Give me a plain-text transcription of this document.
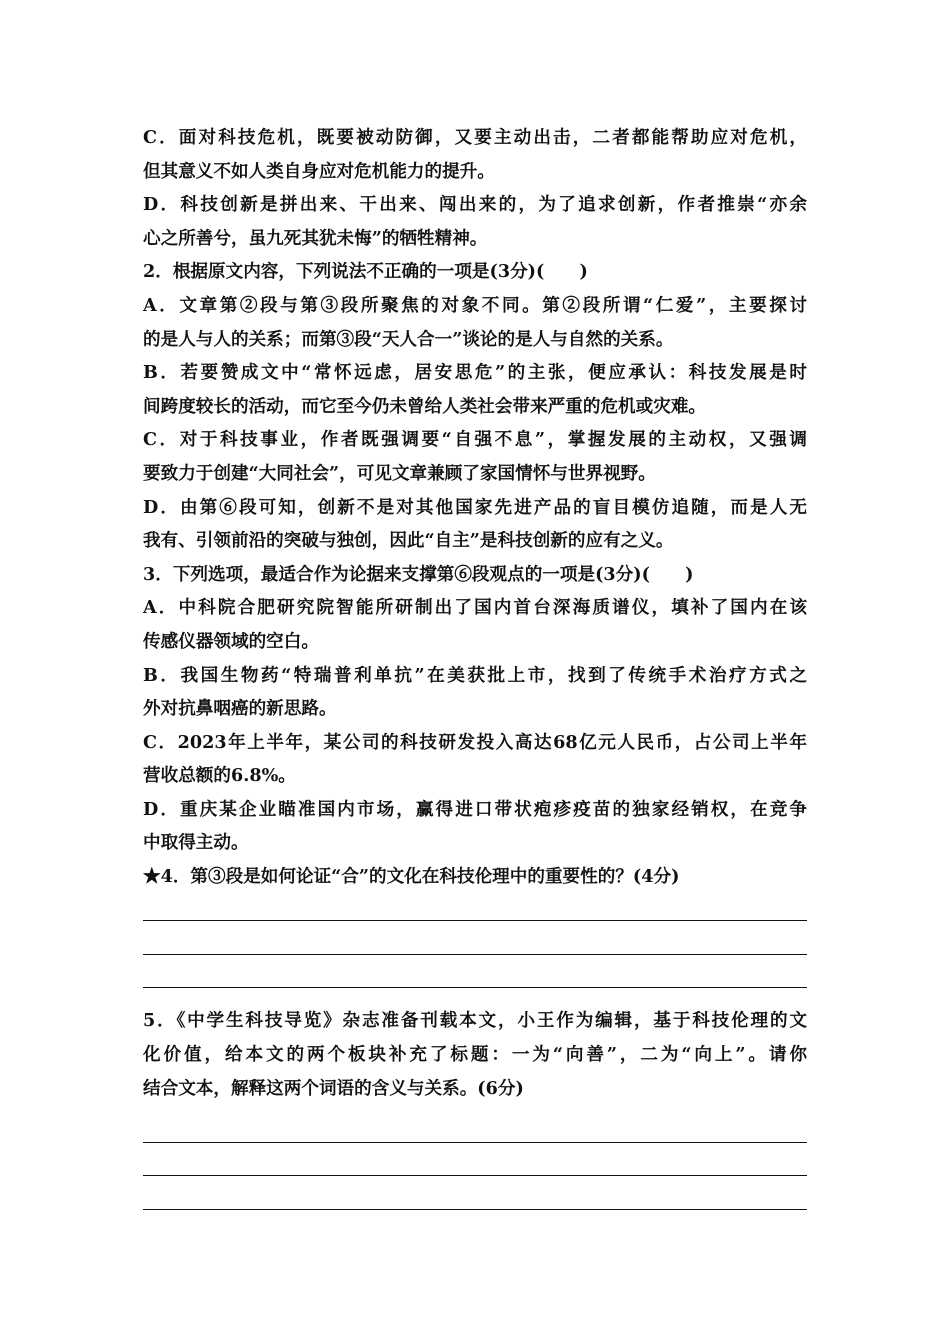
C．面对科技危机，既要被动防御，又要主动出击，二者都能帮助应对危机，
但其意义不如人类自身应对危机能力的提升。
D．科技创新是拼出来、干出来、闯出来的，为了追求创新，作者推崇“亦余
心之所善兮，虽九死其犹未悔”的牺牲精神。
2．根据原文内容，下列说法不正确的一项是(3分)(　　)
A．文章第②段与第③段所聚焦的对象不同。第②段所谓“仁爱”，主要探讨
的是人与人的关系；而第③段“天人合一”谈论的是人与自然的关系。
B．若要赞成文中“常怀远虑，居安思危”的主张，便应承认：科技发展是时
间跨度较长的活动，而它至今仍未曾给人类社会带来严重的危机或灾难。
C．对于科技事业，作者既强调要“自强不息”，掌握发展的主动权，又强调
要致力于创建“大同社会”，可见文章兼顾了家国情怀与世界视野。
D．由第⑥段可知，创新不是对其他国家先进产品的盲目模仿追随，而是人无
我有、引领前沿的突破与独创，因此“自主”是科技创新的应有之义。
3．下列选项，最适合作为论据来支撑第⑥段观点的一项是(3分)(　　)
A．中科院合肥研究院智能所研制出了国内首台深海质谱仪，填补了国内在该
传感仪器领域的空白。
B．我国生物药“特瑞普利单抗”在美获批上市，找到了传统手术治疗方式之
外对抗鼻咽癌的新思路。
C．2023年上半年，某公司的科技研发投入高达68亿元人民币，占公司上半年
营收总额的6.8%。
D．重庆某企业瞄准国内市场，赢得进口带状疱疹疫苗的独家经销权，在竞争
中取得主动。
★4．第③段是如何论证“合”的文化在科技伦理中的重要性的？(4分)
5．《中学生科技导览》杂志准备刊载本文，小王作为编辑，基于科技伦理的文
化价值，给本文的两个板块补充了标题：一为“向善”，二为“向上”。请你
结合文本，解释这两个词语的含义与关系。(6分)
